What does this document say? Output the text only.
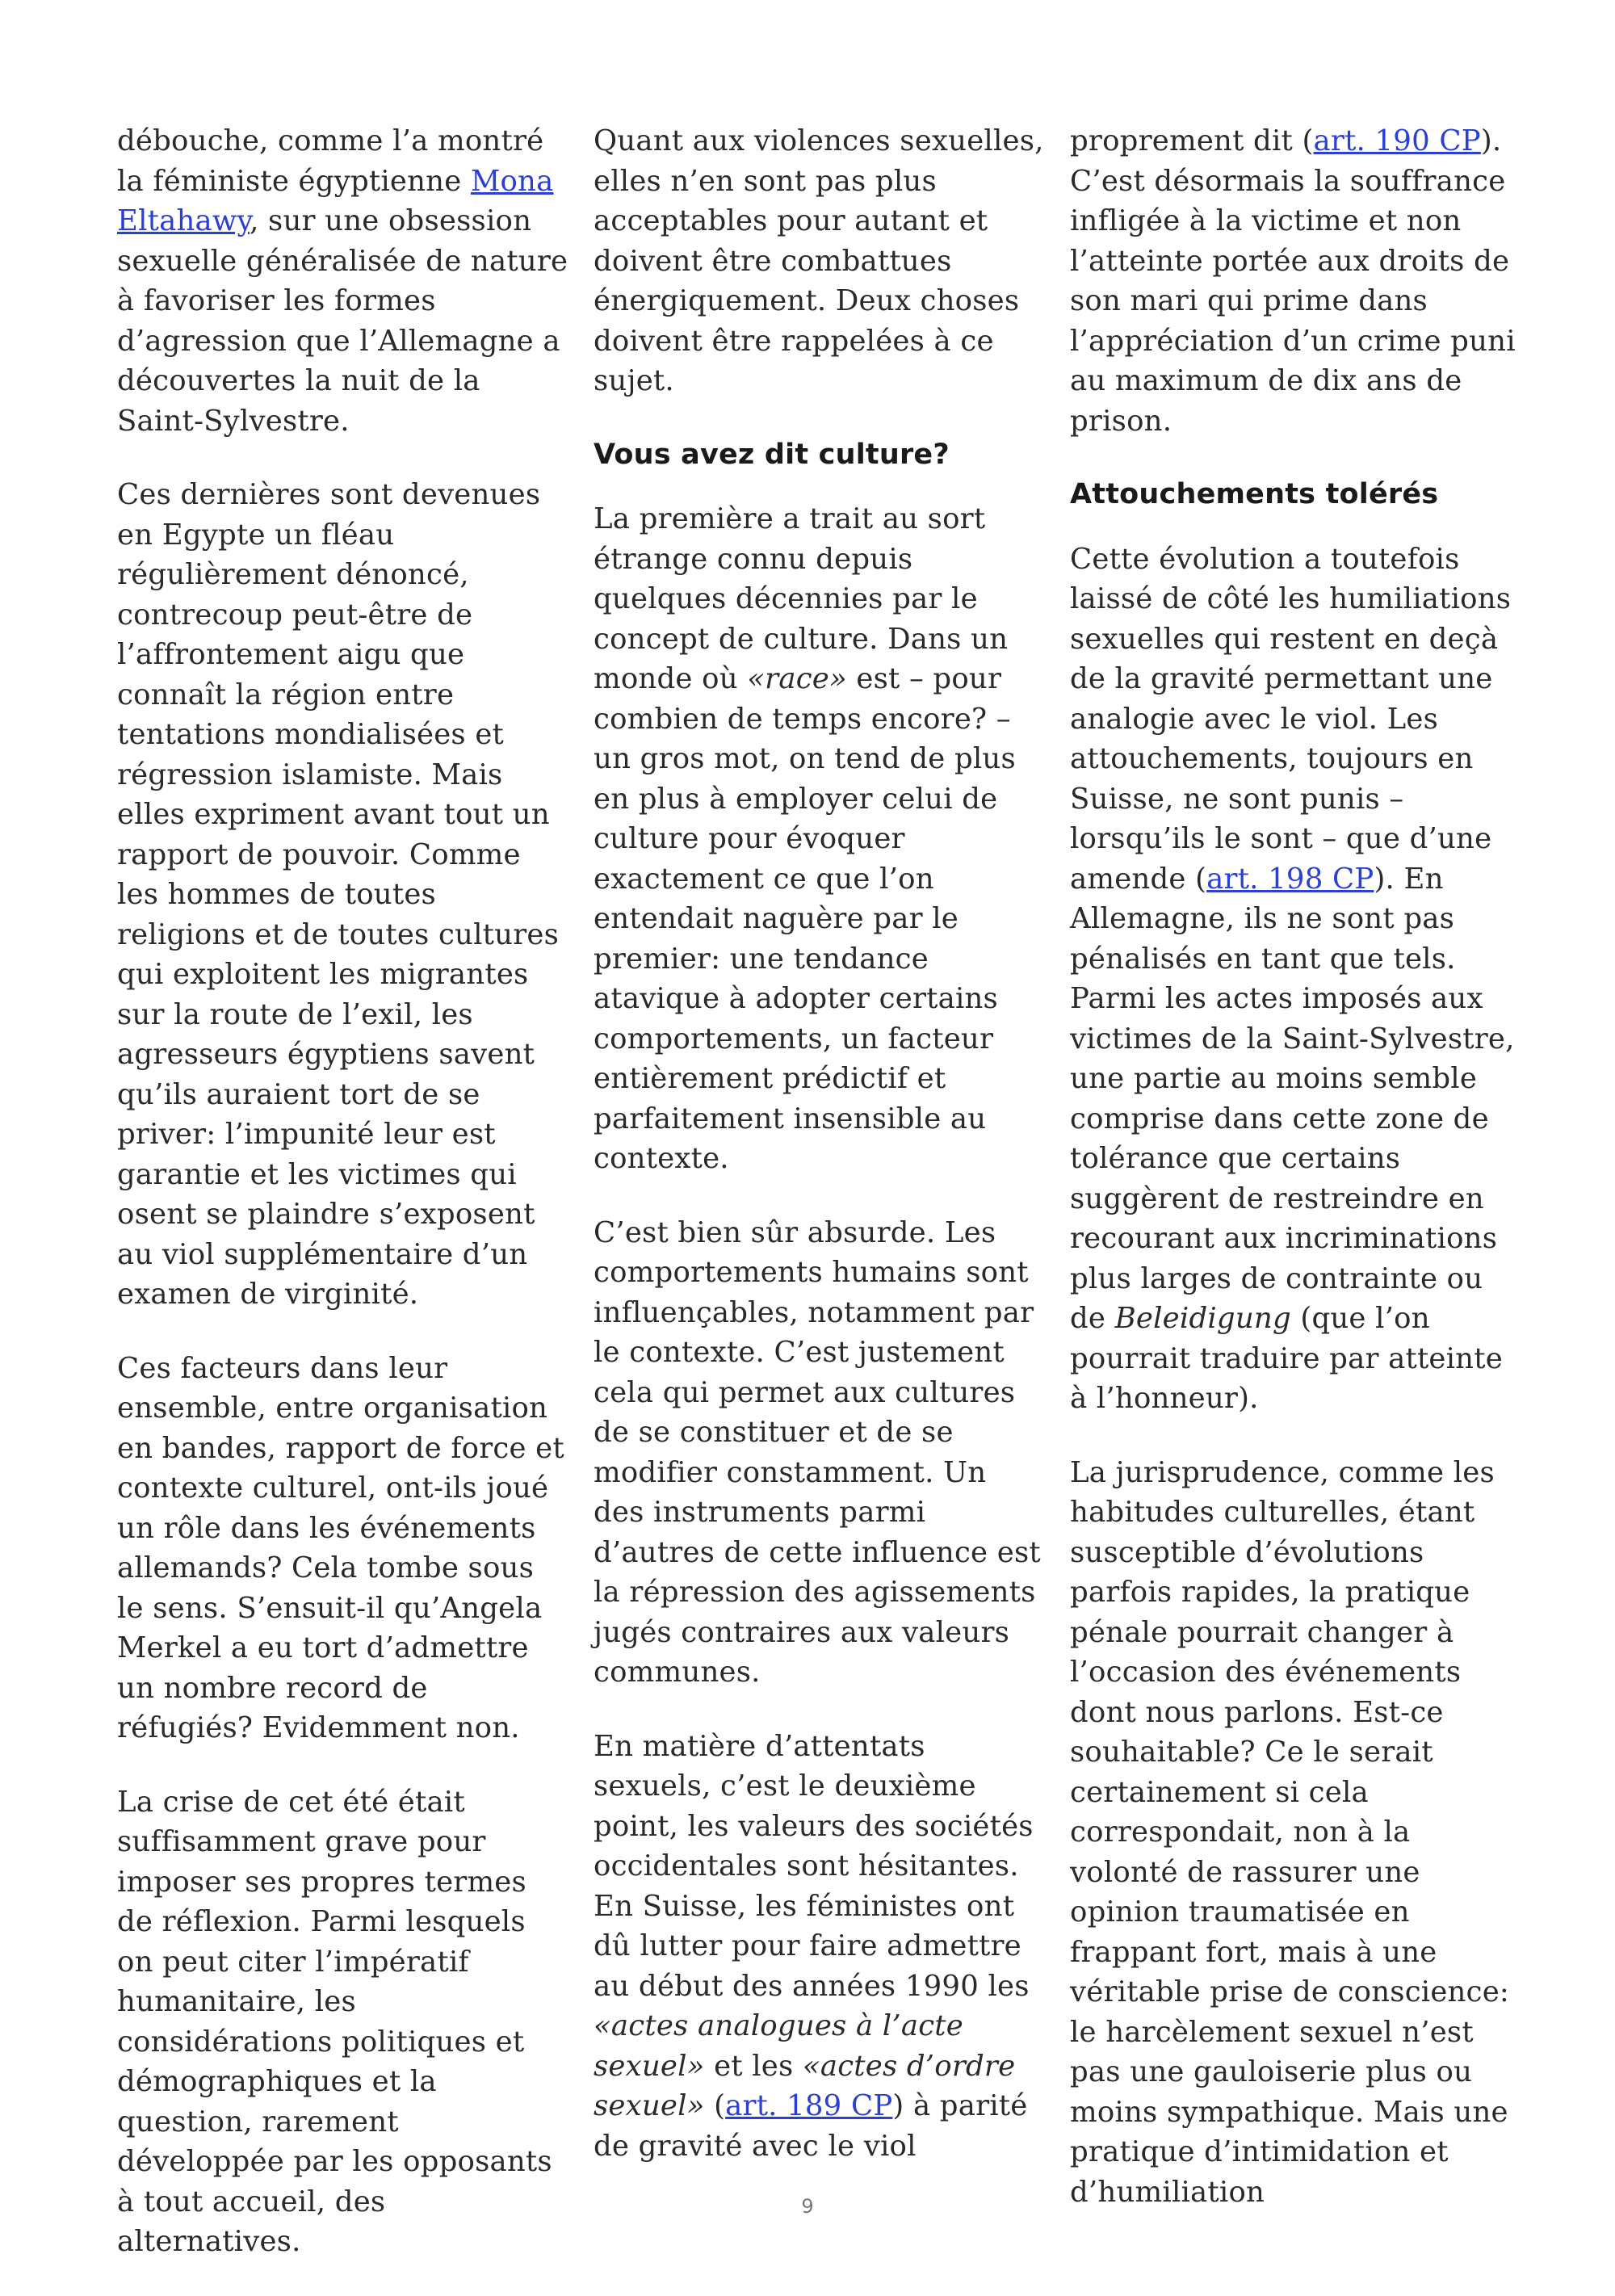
débouche, comme l’a montré la féministe égyptienne Mona Eltahawy, sur une obsession sexuelle généralisée de nature à favoriser les formes d’agression que l’Allemagne a découvertes la nuit de la Saint-Sylvestre.

Ces dernières sont devenues en Egypte un fléau régulièrement dénoncé, contrecoup peut-être de l’affrontement aigu que connaît la région entre tentations mondialisées et régression islamiste. Mais elles expriment avant tout un rapport de pouvoir. Comme les hommes de toutes religions et de toutes cultures qui exploitent les migrantes sur la route de l’exil, les agresseurs égyptiens savent qu’ils auraient tort de se priver: l’impunité leur est garantie et les victimes qui osent se plaindre s’exposent au viol supplémentaire d’un examen de virginité.

Ces facteurs dans leur ensemble, entre organisation en bandes, rapport de force et contexte culturel, ont-ils joué un rôle dans les événements allemands? Cela tombe sous le sens. S’ensuit-il qu’Angela Merkel a eu tort d’admettre un nombre record de réfugiés? Evidemment non.

La crise de cet été était suffisamment grave pour imposer ses propres termes de réflexion. Parmi lesquels on peut citer l’impératif humanitaire, les considérations politiques et démographiques et la question, rarement développée par les opposants à tout accueil, des alternatives.

Quant aux violences sexuelles, elles n’en sont pas plus acceptables pour autant et doivent être combattues énergiquement. Deux choses doivent être rappelées à ce sujet.

Vous avez dit culture?

La première a trait au sort étrange connu depuis quelques décennies par le concept de culture. Dans un monde où «race» est – pour combien de temps encore? – un gros mot, on tend de plus en plus à employer celui de culture pour évoquer exactement ce que l’on entendait naguère par le premier: une tendance atavique à adopter certains comportements, un facteur entièrement prédictif et parfaitement insensible au contexte.

C’est bien sûr absurde. Les comportements humains sont influençables, notamment par le contexte. C’est justement cela qui permet aux cultures de se constituer et de se modifier constamment. Un des instruments parmi d’autres de cette influence est la répression des agissements jugés contraires aux valeurs communes.

En matière d’attentats sexuels, c’est le deuxième point, les valeurs des sociétés occidentales sont hésitantes. En Suisse, les féministes ont dû lutter pour faire admettre au début des années 1990 les «actes analogues à l’acte sexuel» et les «actes d’ordre sexuel» (art. 189 CP) à parité de gravité avec le viol

proprement dit (art. 190 CP). C’est désormais la souffrance infligée à la victime et non l’atteinte portée aux droits de son mari qui prime dans l’appréciation d’un crime puni au maximum de dix ans de prison.

Attouchements tolérés

Cette évolution a toutefois laissé de côté les humiliations sexuelles qui restent en deçà de la gravité permettant une analogie avec le viol. Les attouchements, toujours en Suisse, ne sont punis – lorsqu’ils le sont – que d’une amende (art. 198 CP). En Allemagne, ils ne sont pas pénalisés en tant que tels. Parmi les actes imposés aux victimes de la Saint-Sylvestre, une partie au moins semble comprise dans cette zone de tolérance que certains suggèrent de restreindre en recourant aux incriminations plus larges de contrainte ou de Beleidigung (que l’on pourrait traduire par atteinte à l’honneur).

La jurisprudence, comme les habitudes culturelles, étant susceptible d’évolutions parfois rapides, la pratique pénale pourrait changer à l’occasion des événements dont nous parlons. Est-ce souhaitable? Ce le serait certainement si cela correspondait, non à la volonté de rassurer une opinion traumatisée en frappant fort, mais à une véritable prise de conscience: le harcèlement sexuel n’est pas une gauloiserie plus ou moins sympathique. Mais une pratique d’intimidation et d’humiliation

9
